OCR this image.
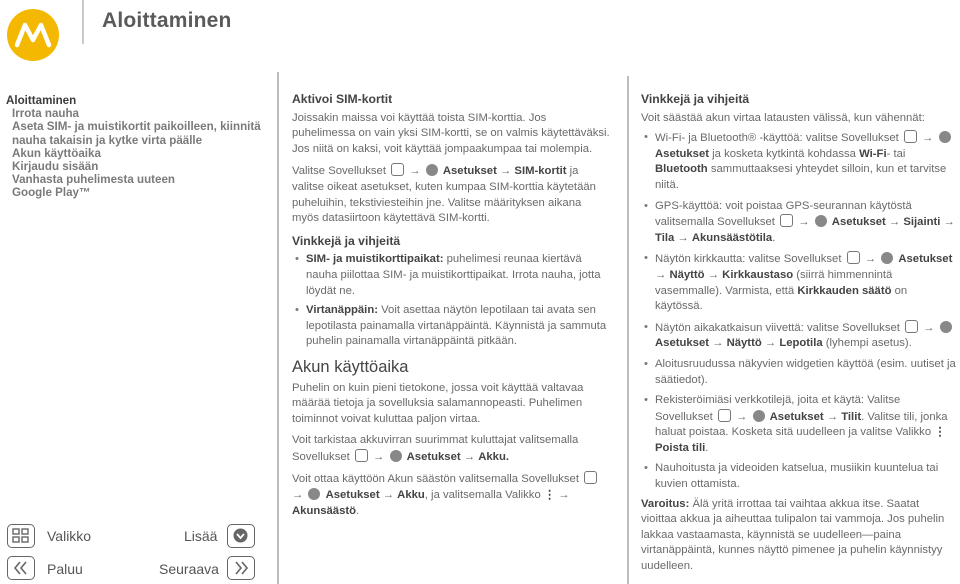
Aloittaminen
Aloittaminen
Irrota nauha
Aseta SIM- ja muistikortit paikoilleen, kiinnitä
nauha takaisin ja kytke virta päälle
Akun käyttöaika
Kirjaudu sisään
Vanhasta puhelimesta uuteen
Google Play™
Valikko	Lisää
Paluu	Seuraava

Aktivoi SIM-kortit

Joissakin maissa voi käyttää toista SIM-korttia. Jos puhelimessa on vain yksi SIM-kortti, se on valmis käytettäväksi. Jos niitä on kaksi, voit käyttää jompaakumpaa tai molempia.

Valitse Sovellukset  →  Asetukset → SIM-kortit ja valitse oikeat asetukset, kuten kumpaa SIM-korttia käytetään puheluihin, tekstiviesteihin jne. Valitse määrityksen aikana myös datasiirtoon käytettävä SIM-kortti.

Vinkkejä ja vihjeitä

• SIM- ja muistikorttipaikat: puhelimesi reunaa kiertävä nauha piilottaa SIM- ja muistikorttipaikat. Irrota nauha, jotta löydät ne.
• Virtanäppäin: Voit asettaa näytön lepotilaan tai avata sen lepotilasta painamalla virtanäppäintä. Käynnistä ja sammuta puhelin painamalla virtanäppäintä pitkään.

Akun käyttöaika

Puhelin on kuin pieni tietokone, jossa voit käyttää valtavaa määrää tietoja ja sovelluksia salamannopeasti. Puhelimen toiminnot voivat kuluttaa paljon virtaa.

Voit tarkistaa akkuvirran suurimmat kuluttajat valitsemalla Sovellukset  →  Asetukset → Akku.

Voit ottaa käyttöön Akun säästön valitsemalla Sovellukset  →  Asetukset → Akku, ja valitsemalla Valikko ⋮ → Akunsäästö.

Vinkkejä ja vihjeitä

Voit säästää akun virtaa latausten välissä, kun vähennät:

• Wi-Fi- ja Bluetooth® -käyttöä: valitse Sovellukset  →  Asetukset ja kosketa kytkintä kohdassa Wi-Fi- tai Bluetooth sammuttaaksesi yhteydet silloin, kun et tarvitse niitä.
• GPS-käyttöä: voit poistaa GPS-seurannan käytöstä valitsemalla Sovellukset  →  Asetukset → Sijainti → Tila → Akunsäästötila.
• Näytön kirkkautta: valitse Sovellukset  →  Asetukset → Näyttö → Kirkkaustaso (siirrä himmennintä vasemmalle). Varmista, että Kirkkauden säätö on käytössä.
• Näytön aikakatkaisun viivettä: valitse Sovellukset  →  Asetukset → Näyttö → Lepotila (lyhempi asetus).
• Aloitusruudussa näkyvien widgetien käyttöä (esim. uutiset ja säätiedot).
• Rekisteröimiäsi verkkotilejä, joita et käytä: Valitse Sovellukset  →  Asetukset → Tilit. Valitse tili, jonka haluat poistaa. Kosketa sitä uudelleen ja valitse Valikko ⋮ Poista tili.
• Nauhoitusta ja videoiden katselua, musiikin kuuntelua tai kuvien ottamista.

Varoitus: Älä yritä irrottaa tai vaihtaa akkua itse. Saatat vioittaa akkua ja aiheuttaa tulipalon tai vammoja. Jos puhelin lakkaa vastaamasta, käynnistä se uudelleen—paina virtanäppäintä, kunnes näyttö pimenee ja puhelin käynnistyy uudelleen.
